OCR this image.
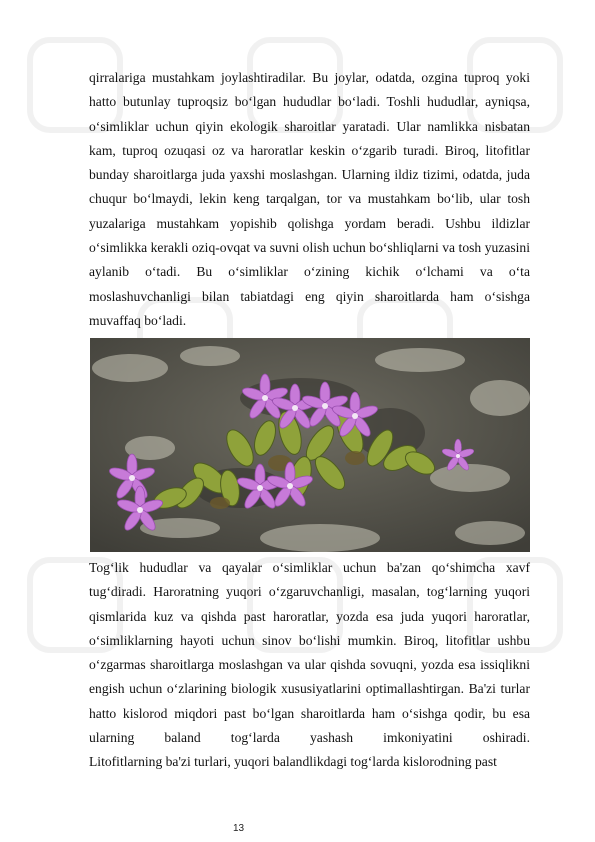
qirralariga mustahkam joylashtiradilar. Bu joylar, odatda, ozgina tuproq yoki hatto butunlay tuproqsiz bo‘lgan hududlar bo‘ladi. Toshli hududlar, ayniqsa, o‘simliklar uchun qiyin ekologik sharoitlar yaratadi. Ular namlikka nisbatan kam, tuproq ozuqasi oz va haroratlar keskin o‘zgarib turadi. Biroq, litofitlar bunday sharoitlarga juda yaxshi moslashgan. Ularning ildiz tizimi, odatda, juda chuqur bo‘lmaydi, lekin keng tarqalgan, tor va mustahkam bo‘lib, ular tosh yuzalariga mustahkam yopishib qolishga yordam beradi. Ushbu ildizlar o‘simlikka kerakli oziq-ovqat va suvni olish uchun bo‘shliqlarni va tosh yuzasini aylanib o‘tadi. Bu o‘simliklar o‘zining kichik o‘lchami va o‘ta moslashuvchanligi bilan tabiatdagi eng qiyin sharoitlarda ham o‘sishga
muvaffaq bo‘ladi.
Tog‘lik hududlar va qayalar o‘simliklar uchun ba'zan qo‘shimcha xavf tug‘diradi. Haroratning yuqori o‘zgaruvchanligi, masalan, tog‘larning yuqori qismlarida kuz va qishda past haroratlar, yozda esa juda yuqori haroratlar, o‘simliklarning hayoti uchun sinov bo‘lishi mumkin. Biroq, litofitlar ushbu o‘zgarmas sharoitlarga moslashgan va ular qishda sovuqni, yozda esa issiqlikni engish uchun o‘zlarining biologik xususiyatlarini optimallashtirgan. Ba'zi turlar hatto kislorod miqdori past bo‘lgan sharoitlarda ham o‘sishga qodir, bu esa ularning baland tog‘larda yashash imkoniyatini oshiradi.
Litofitlarning ba'zi turlari, yuqori balandlikdagi tog‘larda kislorodning past
13
